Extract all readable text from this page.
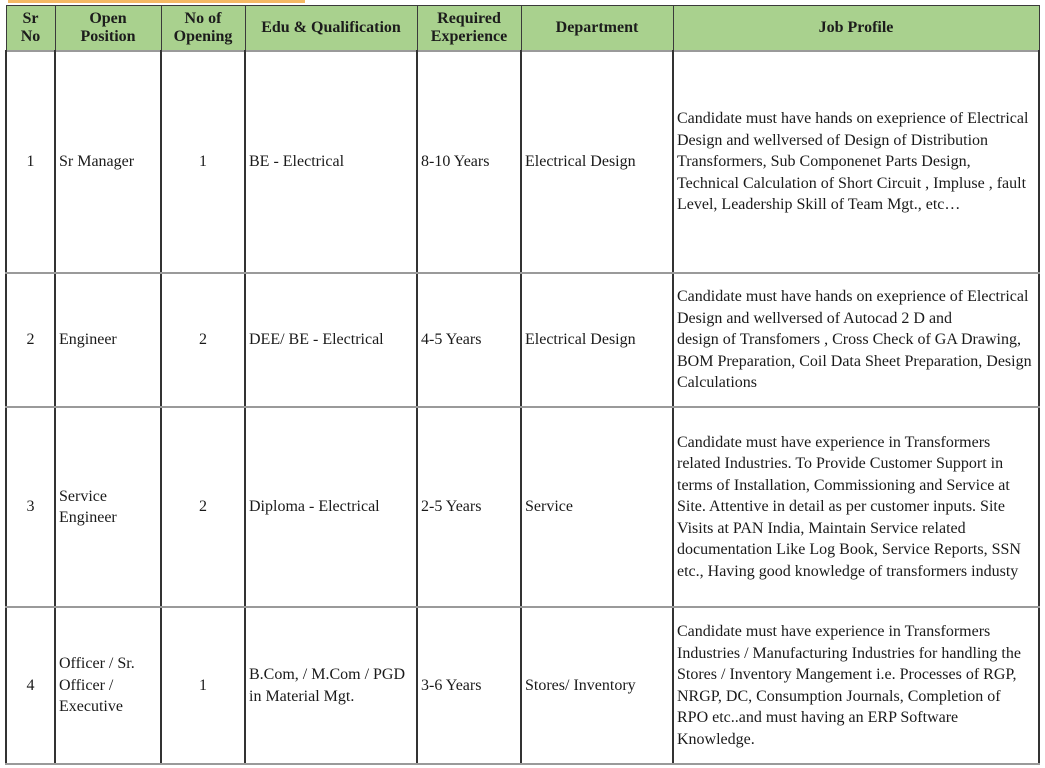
Sr No	Open Position	No of Opening	Edu & Qualification	Required Experience	Department	Job Profile
1	Sr Manager	1	BE - Electrical	8-10 Years	Electrical Design	Candidate must have hands on exeprience of Electrical Design and wellversed of Design of Distribution Transformers, Sub Componenet Parts Design, Technical Calculation of Short Circuit , Impluse , fault Level, Leadership Skill of Team Mgt., etc…
2	Engineer	2	DEE/ BE - Electrical	4-5 Years	Electrical Design	Candidate must have hands on exeprience of Electrical Design and wellversed of Autocad 2 D and
design of Transfomers , Cross Check of GA Drawing, BOM Preparation, Coil Data Sheet Preparation, Design Calculations
3	Service Engineer	2	Diploma - Electrical	2-5 Years	Service	Candidate must have experience in Transformers related Industries. To Provide Customer Support in terms of Installation, Commissioning and Service at Site. Attentive in detail as per customer inputs. Site Visits at PAN India, Maintain Service related documentation Like Log Book, Service Reports, SSN etc., Having good knowledge of transformers industy
4	Officer / Sr. Officer / Executive	1	B.Com, / M.Com / PGD in Material Mgt.	3-6 Years	Stores/ Inventory	Candidate must have experience in Transformers Industries / Manufacturing Industries for handling the Stores / Inventory Mangement i.e. Processes of RGP, NRGP, DC, Consumption Journals, Completion of RPO etc..and must having an ERP Software Knowledge.
